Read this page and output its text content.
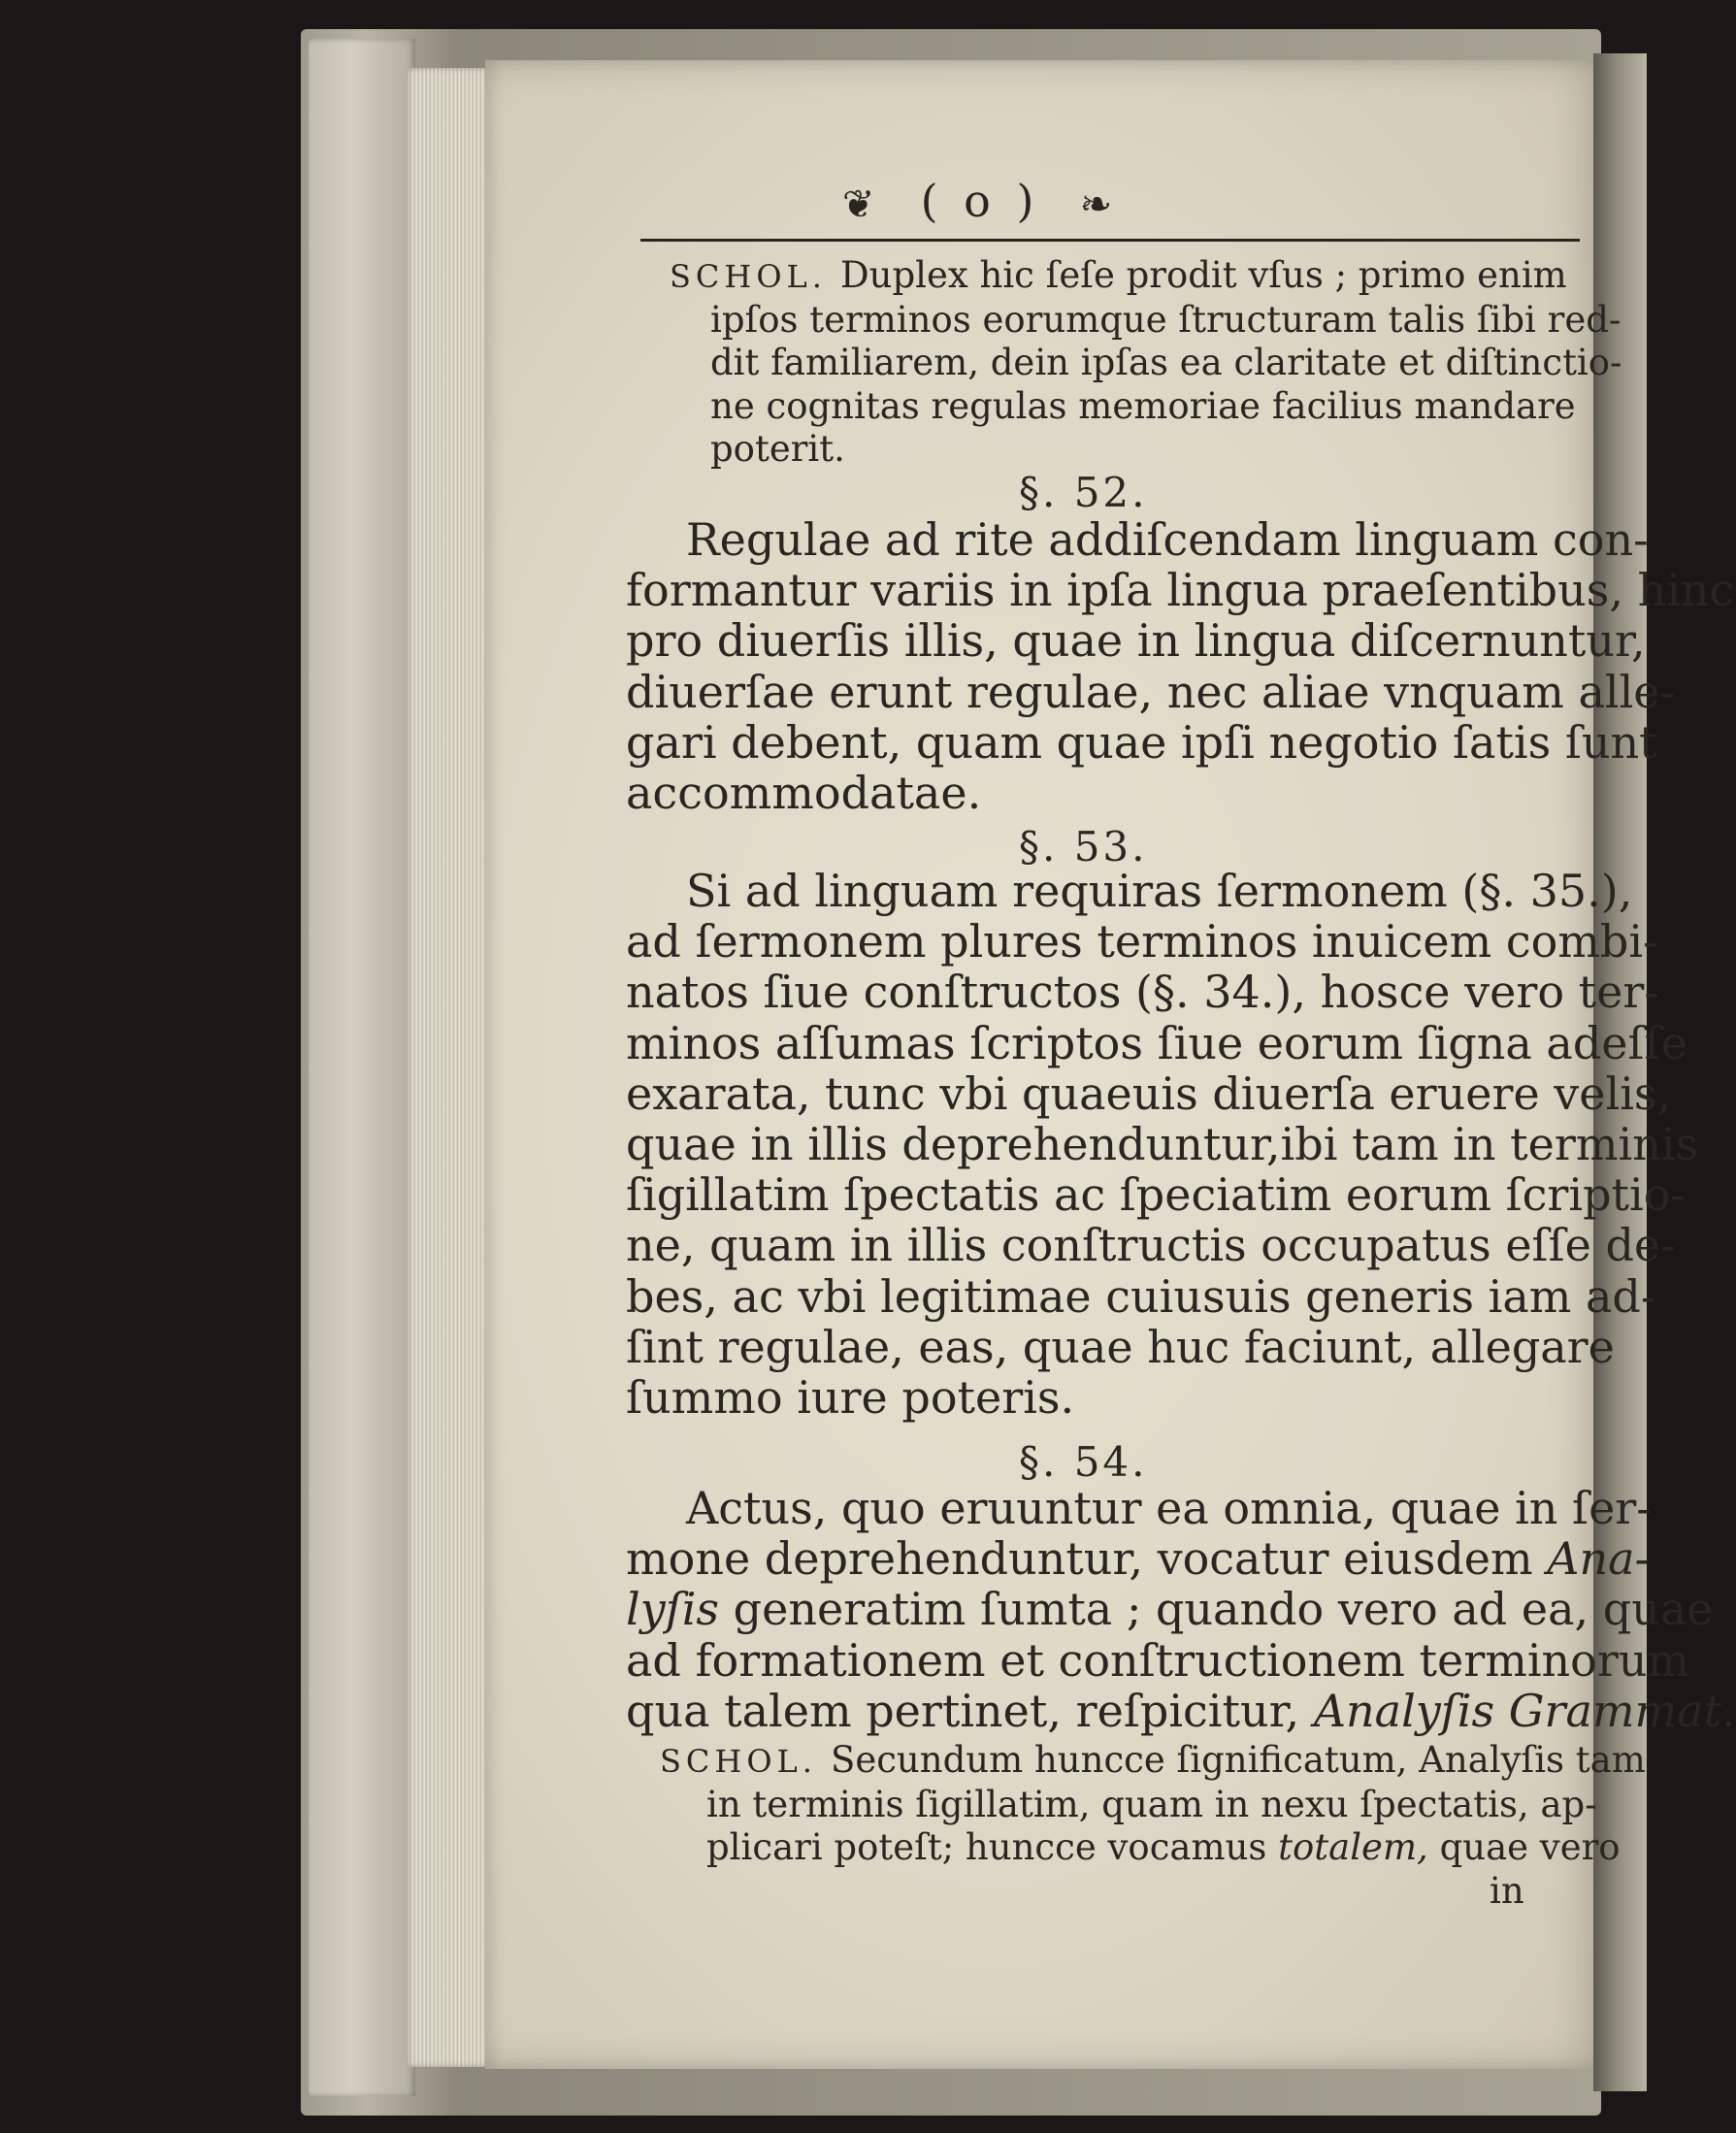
❦ ( o ) ❧
SCHOL. Duplex hic ſeſe prodit vſus ; primo enim
ipſos terminos eorumque ſtructuram talis ſibi red-
dit familiarem, dein ipſas ea claritate et diſtinctio-
ne cognitas regulas memoriae facilius mandare
poterit.
§. 52.
Regulae ad rite addiſcendam linguam con-
formantur variis in ipſa lingua praeſentibus, hinc
pro diuerſis illis, quae in lingua diſcernuntur,
diuerſae erunt regulae, nec aliae vnquam alle-
gari debent, quam quae ipſi negotio ſatis ſunt
accommodatae.
§. 53.
Si ad linguam requiras ſermonem (§. 35.),
ad ſermonem plures terminos inuicem combi-
natos ſiue conſtructos (§. 34.), hosce vero ter-
minos aſſumas ſcriptos ſiue eorum ſigna adeſſe
exarata, tunc vbi quaeuis diuerſa eruere velis,
quae in illis deprehenduntur,ibi tam in terminis
ſigillatim ſpectatis ac ſpeciatim eorum ſcriptio-
ne, quam in illis conſtructis occupatus eſſe de-
bes, ac vbi legitimae cuiusuis generis iam ad-
ſint regulae, eas, quae huc faciunt, allegare
ſummo iure poteris.
§. 54.
Actus, quo eruuntur ea omnia, quae in ſer-
mone deprehenduntur, vocatur eiusdem Ana-
lyſis generatim ſumta ; quando vero ad ea, quae
ad formationem et conſtructionem terminorum
qua talem pertinet, reſpicitur, Analyſis Grammat.
SCHOL. Secundum huncce ſignificatum, Analyſis tam
in terminis ſigillatim, quam in nexu ſpectatis, ap-
plicari poteſt; huncce vocamus totalem, quae vero
in
